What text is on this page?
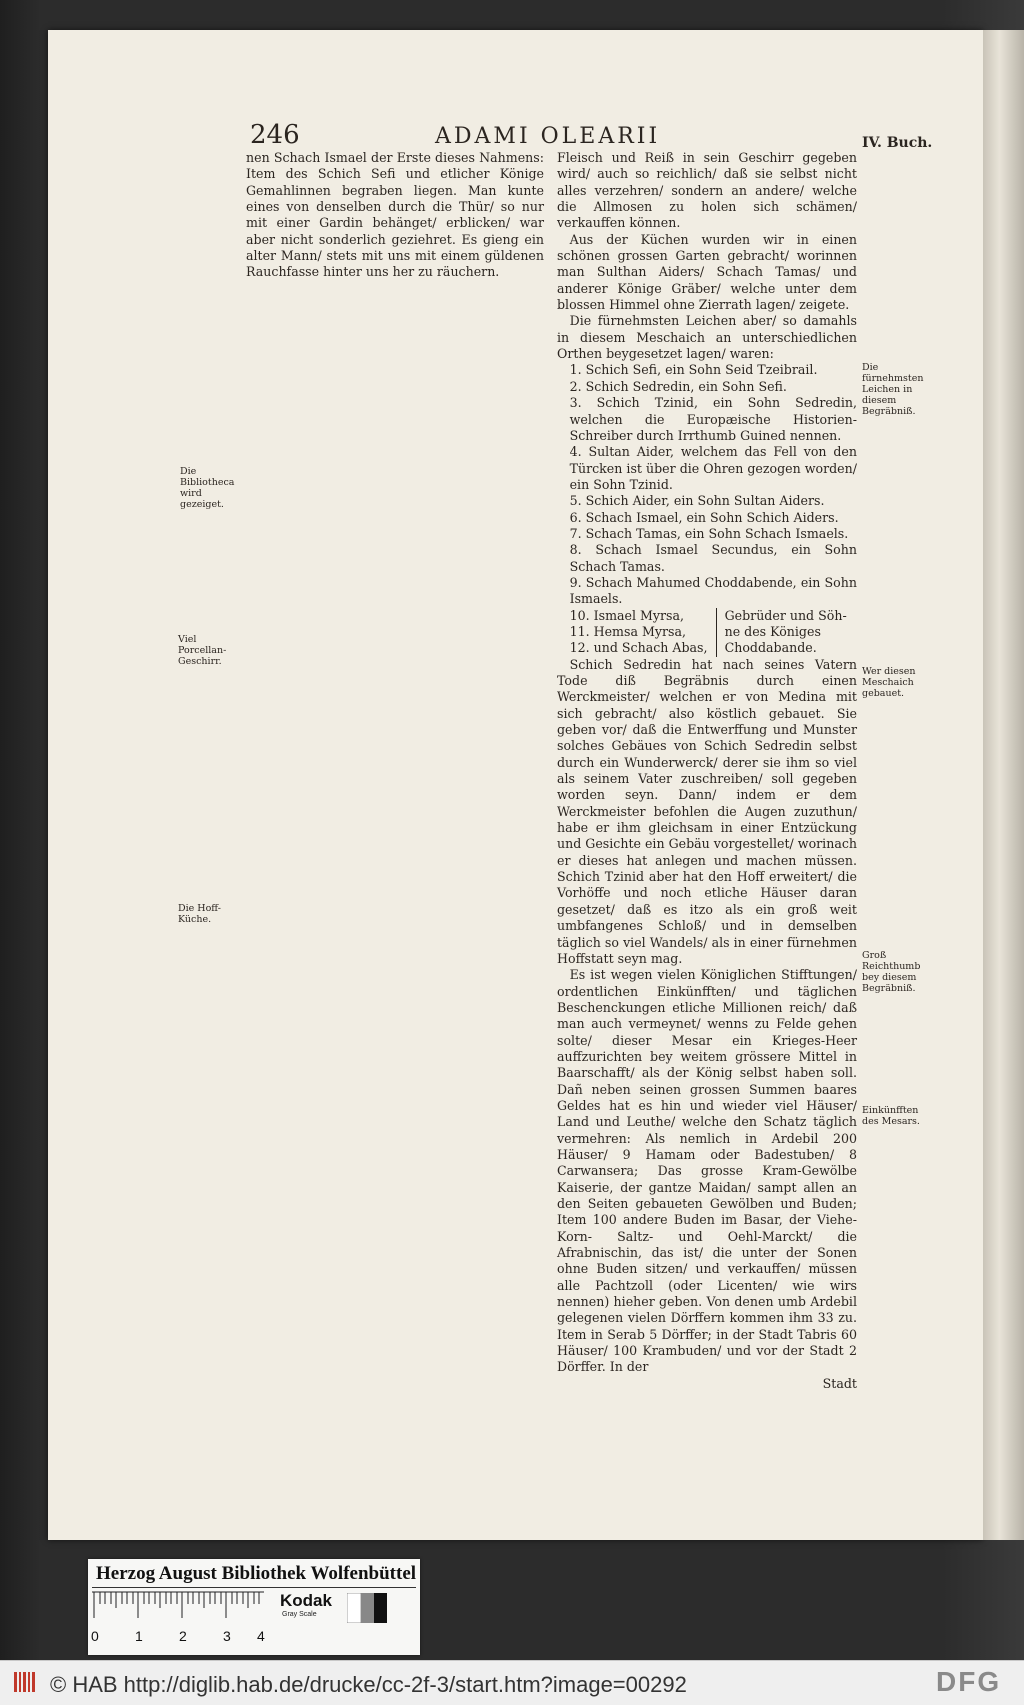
246	ADAMI OLEARII	IV. Buch.

nen Schach Ismael der Erste dieses Nahmens: Item des Schich Sefi und etlicher Könige Gemahlinnen begraben liegen. Man kunte eines von denselben durch die Thür/ so nur mit einer Gardin behänget/ erblicken/ war aber nicht sonderlich geziehret. Es gieng ein alter Mann/ stets mit uns mit einem güldenen Rauchfasse hinter uns her zu räuchern.

Fleisch und Reiß in sein Geschirr gegeben wird/ auch so reichlich/ daß sie selbst nicht alles verzehren/ sondern an andere/ welche die Allmosen zu holen sich schämen/ verkauffen können.

Aus der Küchen wurden wir in einen schönen grossen Garten gebracht/ worinnen man Sulthan Aiders/ Schach Tamas/ und anderer Könige Gräber/ welche unter dem blossen Himmel ohne Zierrath lagen/ zeigete.

Die fürnehmsten Leichen aber/ so damahls in diesem Meschaich an unterschiedlichen Orthen beygesetzet lagen/ waren:

1. Schich Sefi, ein Sohn Seid Tzeibrail.

2. Schich Sedredin, ein Sohn Sefi.

3. Schich Tzinid, ein Sohn Sedredin, welchen die Europæische Historien-Schreiber durch Irrthumb Guined nennen.

4. Sultan Aider, welchem das Fell von den Türcken ist über die Ohren gezogen worden/ ein Sohn Tzinid.

5. Schich Aider, ein Sohn Sultan Aiders.

6. Schach Ismael, ein Sohn Schich Aiders.

7. Schach Tamas, ein Sohn Schach Ismaels.

8. Schach Ismael Secundus, ein Sohn Schach Tamas.

9. Schach Mahumed Choddabende, ein Sohn Ismaels.

10. Ismael Myrsa,
11. Hemsa Myrsa,
12. und Schach Abas,
Gebrüder und Söh-
ne des Königes
Choddabande.

Schich Sedredin hat nach seines Vatern Tode diß Begräbnis durch einen Werckmeister/ welchen er von Medina mit sich gebracht/ also köstlich gebauet. Sie geben vor/ daß die Entwerffung und Munster solches Gebäues von Schich Sedredin selbst durch ein Wunderwerck/ derer sie ihm so viel als seinem Vater zuschreiben/ soll gegeben worden seyn. Dann/ indem er dem Werckmeister befohlen die Augen zuzuthun/ habe er ihm gleichsam in einer Entzückung und Gesichte ein Gebäu vorgestellet/ worinach er dieses hat anlegen und machen müssen. Schich Tzinid aber hat den Hoff erweitert/ die Vorhöffe und noch etliche Häuser daran gesetzet/ daß es itzo als ein groß weit umbfangenes Schloß/ und in demselben täglich so viel Wandels/ als in einer fürnehmen Hoffstatt seyn mag.

Es ist wegen vielen Königlichen Stifftungen/ ordentlichen Einkünfften/ und täglichen Beschenckungen etliche Millionen reich/ daß man auch vermeynet/ wenns zu Felde gehen solte/ dieser Mesar ein Krieges-Heer auffzurichten bey weitem grössere Mittel in Baarschafft/ als der König selbst haben soll. Dañ neben seinen grossen Summen baares Geldes hat es hin und wieder viel Häuser/ Land und Leuthe/ welche den Schatz täglich vermehren: Als nemlich in Ardebil 200 Häuser/ 9 Hamam oder Badestuben/ 8 Carwansera; Das grosse Kram-Gewölbe Kaiserie, der gantze Maidan/ sampt allen an den Seiten gebaueten Gewölben und Buden; Item 100 andere Buden im Basar, der Viehe- Korn- Saltz- und Oehl-Marckt/ die Afrabnischin, das ist/ die unter der Sonen ohne Buden sitzen/ und verkauffen/ müssen alle Pachtzoll (oder Licenten/ wie wirs nennen) hieher geben. Von denen umb Ardebil gelegenen vielen Dörffern kommen ihm 33 zu. Item in Serab 5 Dörffer; in der Stadt Tabris 60 Häuser/ 100 Krambuden/ und vor der Stadt 2 Dörffer. In der

Stadt

Die Bibliotheca wird gezeiget.
Viel Porcellan-Geschirr.
Die Hoff-Küche.
Die fürnehmsten Leichen in diesem Begräbniß.
Wer diesen Meschaich gebauet.
Groß Reichthumb bey diesem Begräbniß.
Einkünfften des Mesars.
Herzog August Bibliothek Wolfenbüttel
0	1	2	3 4
Kodak
Gray Scale
© HAB http://diglib.hab.de/drucke/cc-2f-3/start.htm?image=00292	DFG
